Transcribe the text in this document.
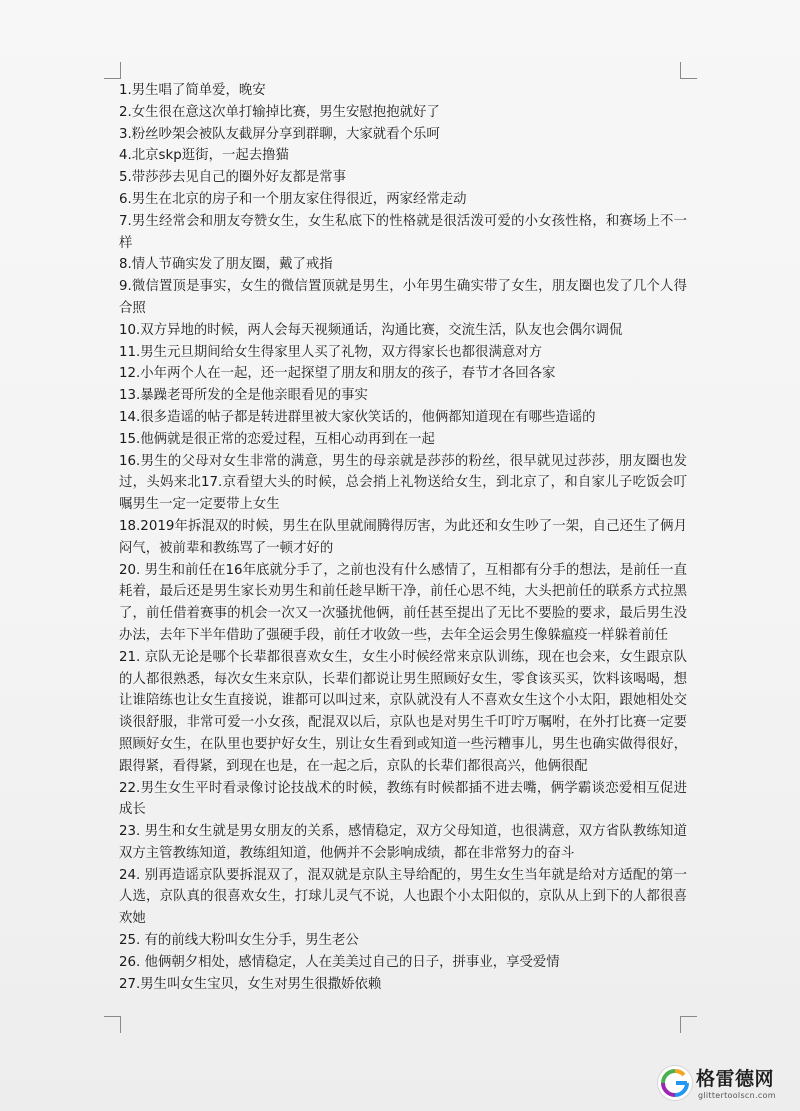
1.男生唱了简单爱，晚安

2.女生很在意这次单打输掉比赛，男生安慰抱抱就好了

3.粉丝吵架会被队友截屏分享到群聊，大家就看个乐呵

4.北京skp逛街，一起去撸猫

5.带莎莎去见自己的圈外好友都是常事

6.男生在北京的房子和一个朋友家住得很近，两家经常走动

7.男生经常会和朋友夸赞女生，女生私底下的性格就是很活泼可爱的小女孩性格，和赛场上不一样

8.情人节确实发了朋友圈，戴了戒指

9.微信置顶是事实，女生的微信置顶就是男生，小年男生确实带了女生，朋友圈也发了几个人得合照

10.双方异地的时候，两人会每天视频通话，沟通比赛，交流生活，队友也会偶尔调侃

11.男生元旦期间给女生得家里人买了礼物，双方得家长也都很满意对方

12.小年两个人在一起，还一起探望了朋友和朋友的孩子，春节才各回各家

13.暴躁老哥所发的全是他亲眼看见的事实

14.很多造谣的帖子都是转进群里被大家伙笑话的，他俩都知道现在有哪些造谣的

15.他俩就是很正常的恋爱过程，互相心动再到在一起

16.男生的父母对女生非常的满意，男生的母亲就是莎莎的粉丝，很早就见过莎莎，朋友圈也发过，头妈来北17.京看望大头的时候，总会捎上礼物送给女生，到北京了，和自家儿子吃饭会叮嘱男生一定一定要带上女生

18.2019年拆混双的时候，男生在队里就闹腾得厉害，为此还和女生吵了一架，自己还生了俩月闷气，被前辈和教练骂了一顿才好的

20. 男生和前任在16年底就分手了，之前也没有什么感情了，互相都有分手的想法，是前任一直耗着，最后还是男生家长劝男生和前任趁早断干净，前任心思不纯，大头把前任的联系方式拉黑了，前任借着赛事的机会一次又一次骚扰他俩，前任甚至提出了无比不要脸的要求，最后男生没办法，去年下半年借助了强硬手段，前任才收敛一些，去年全运会男生像躲瘟疫一样躲着前任

21. 京队无论是哪个长辈都很喜欢女生，女生小时候经常来京队训练，现在也会来，女生跟京队的人都很熟悉，每次女生来京队，长辈们都说让男生照顾好女生，零食该买买，饮料该喝喝，想让谁陪练也让女生直接说，谁都可以叫过来，京队就没有人不喜欢女生这个小太阳，跟她相处交谈很舒服，非常可爱一小女孩，配混双以后，京队也是对男生千叮咛万嘱咐，在外打比赛一定要照顾好女生，在队里也要护好女生，别让女生看到或知道一些污糟事儿，男生也确实做得很好，跟得紧，看得紧，到现在也是，在一起之后，京队的长辈们都很高兴，他俩很配

22.男生女生平时看录像讨论技战术的时候，教练有时候都插不进去嘴，俩学霸谈恋爱相互促进成长

23. 男生和女生就是男女朋友的关系，感情稳定，双方父母知道，也很满意，双方省队教练知道双方主管教练知道，教练组知道，他俩并不会影响成绩，都在非常努力的奋斗

24. 别再造谣京队要拆混双了，混双就是京队主导给配的，男生女生当年就是给对方适配的第一人选，京队真的很喜欢女生，打球儿灵气不说，人也跟个小太阳似的，京队从上到下的人都很喜欢她

25. 有的前线大粉叫女生分手，男生老公

26. 他俩朝夕相处，感情稳定，人在美美过自己的日子，拼事业，享受爱情

27.男生叫女生宝贝，女生对男生很撒娇依赖

格雷德网
glittertoolscn.com
